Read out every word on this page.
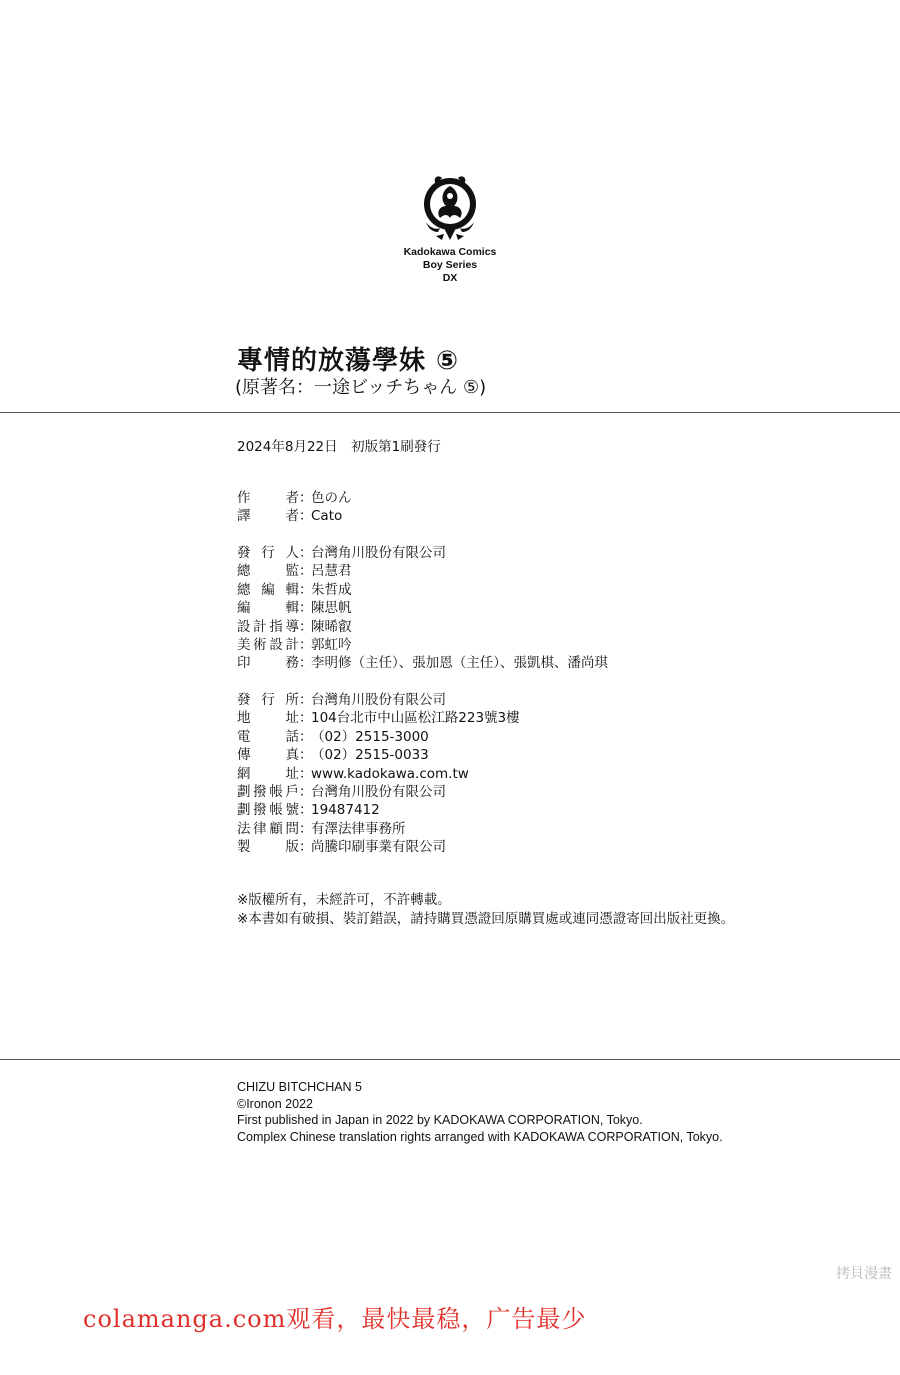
Kadokawa Comics
Boy Series
DX
專情的放蕩學妹 ⑤
(原著名：一途ビッチちゃん ⑤)
2024年8月22日　初版第1刷發行
作者 ：
色のん
譯者 ：
Cato
發行人 ：
台灣角川股份有限公司
總監 ：
呂慧君
總編輯 ：
朱哲成
編輯 ：
陳思帆
設計指導 ：
陳晞叡
美術設計 ：
郭虹吟
印務 ：
李明修（主任）、張加恩（主任）、張凱棋、潘尚琪
發行所 ：
台灣角川股份有限公司
地址 ：
104台北市中山區松江路223號3樓
電話 ：
（02）2515-3000
傳真 ：
（02）2515-0033
網址 ：
www.kadokawa.com.tw
劃撥帳戶 ：
台灣角川股份有限公司
劃撥帳號 ：
19487412
法律顧問 ：
有澤法律事務所
製版 ：
尚騰印刷事業有限公司
※版權所有，未經許可，不許轉載。
※本書如有破損、裝訂錯誤，請持購買憑證回原購買處或連同憑證寄回出版社更換。
CHIZU BITCHCHAN 5
©Ironon 2022
First published in Japan in 2022 by KADOKAWA CORPORATION, Tokyo.
Complex Chinese translation rights arranged with KADOKAWA CORPORATION, Tokyo.
拷貝漫畫
colamanga.com观看，最快最稳，广告最少
